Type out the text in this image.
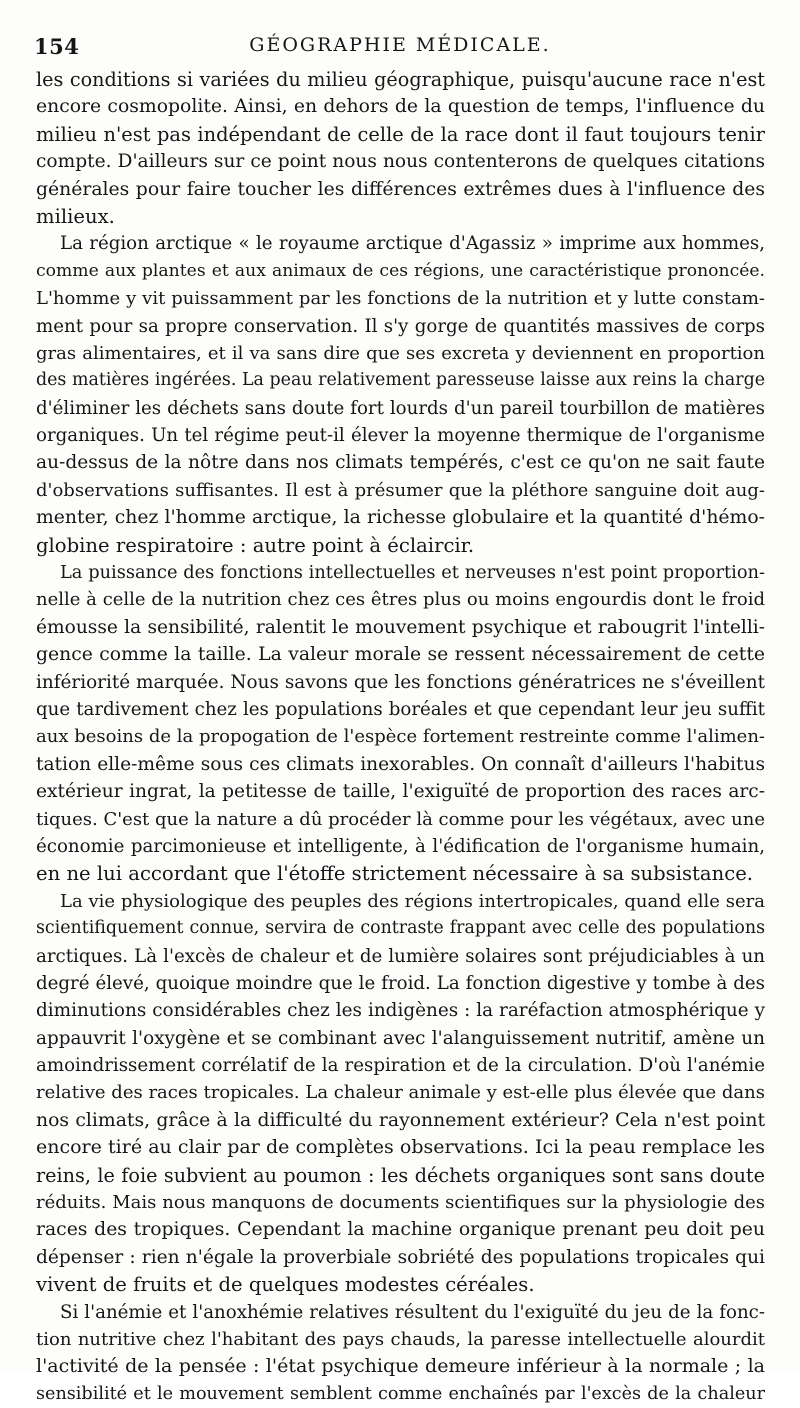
154	GÉOGRAPHIE MÉDICALE.
les conditions si variées du milieu géographique, puisqu'aucune race n'est
encore cosmopolite. Ainsi, en dehors de la question de temps, l'influence du
milieu n'est pas indépendant de celle de la race dont il faut toujours tenir
compte. D'ailleurs sur ce point nous nous contenterons de quelques citations
générales pour faire toucher les différences extrêmes dues à l'influence des
milieux.
La région arctique « le royaume arctique d'Agassiz » imprime aux hommes,
comme aux plantes et aux animaux de ces régions, une caractéristique prononcée.
L'homme y vit puissamment par les fonctions de la nutrition et y lutte constam-
ment pour sa propre conservation. Il s'y gorge de quantités massives de corps
gras alimentaires, et il va sans dire que ses excreta y deviennent en proportion
des matières ingérées. La peau relativement paresseuse laisse aux reins la charge
d'éliminer les déchets sans doute fort lourds d'un pareil tourbillon de matières
organiques. Un tel régime peut-il élever la moyenne thermique de l'organisme
au-dessus de la nôtre dans nos climats tempérés, c'est ce qu'on ne sait faute
d'observations suffisantes. Il est à présumer que la pléthore sanguine doit aug-
menter, chez l'homme arctique, la richesse globulaire et la quantité d'hémo-
globine respiratoire : autre point à éclaircir.
La puissance des fonctions intellectuelles et nerveuses n'est point proportion-
nelle à celle de la nutrition chez ces êtres plus ou moins engourdis dont le froid
émousse la sensibilité, ralentit le mouvement psychique et rabougrit l'intelli-
gence comme la taille. La valeur morale se ressent nécessairement de cette
infériorité marquée. Nous savons que les fonctions génératrices ne s'éveillent
que tardivement chez les populations boréales et que cependant leur jeu suffit
aux besoins de la propogation de l'espèce fortement restreinte comme l'alimen-
tation elle-même sous ces climats inexorables. On connaît d'ailleurs l'habitus
extérieur ingrat, la petitesse de taille, l'exiguïté de proportion des races arc-
tiques. C'est que la nature a dû procéder là comme pour les végétaux, avec une
économie parcimonieuse et intelligente, à l'édification de l'organisme humain,
en ne lui accordant que l'étoffe strictement nécessaire à sa subsistance.
La vie physiologique des peuples des régions intertropicales, quand elle sera
scientifiquement connue, servira de contraste frappant avec celle des populations
arctiques. Là l'excès de chaleur et de lumière solaires sont préjudiciables à un
degré élevé, quoique moindre que le froid. La fonction digestive y tombe à des
diminutions considérables chez les indigènes : la raréfaction atmosphérique y
appauvrit l'oxygène et se combinant avec l'alanguissement nutritif, amène un
amoindrissement corrélatif de la respiration et de la circulation. D'où l'anémie
relative des races tropicales. La chaleur animale y est-elle plus élevée que dans
nos climats, grâce à la difficulté du rayonnement extérieur? Cela n'est point
encore tiré au clair par de complètes observations. Ici la peau remplace les
reins, le foie subvient au poumon : les déchets organiques sont sans doute
réduits. Mais nous manquons de documents scientifiques sur la physiologie des
races des tropiques. Cependant la machine organique prenant peu doit peu
dépenser : rien n'égale la proverbiale sobriété des populations tropicales qui
vivent de fruits et de quelques modestes céréales.
Si l'anémie et l'anoxhémie relatives résultent du l'exiguïté du jeu de la fonc-
tion nutritive chez l'habitant des pays chauds, la paresse intellectuelle alourdit
l'activité de la pensée : l'état psychique demeure inférieur à la normale ; la
sensibilité et le mouvement semblent comme enchaînés par l'excès de la chaleur
